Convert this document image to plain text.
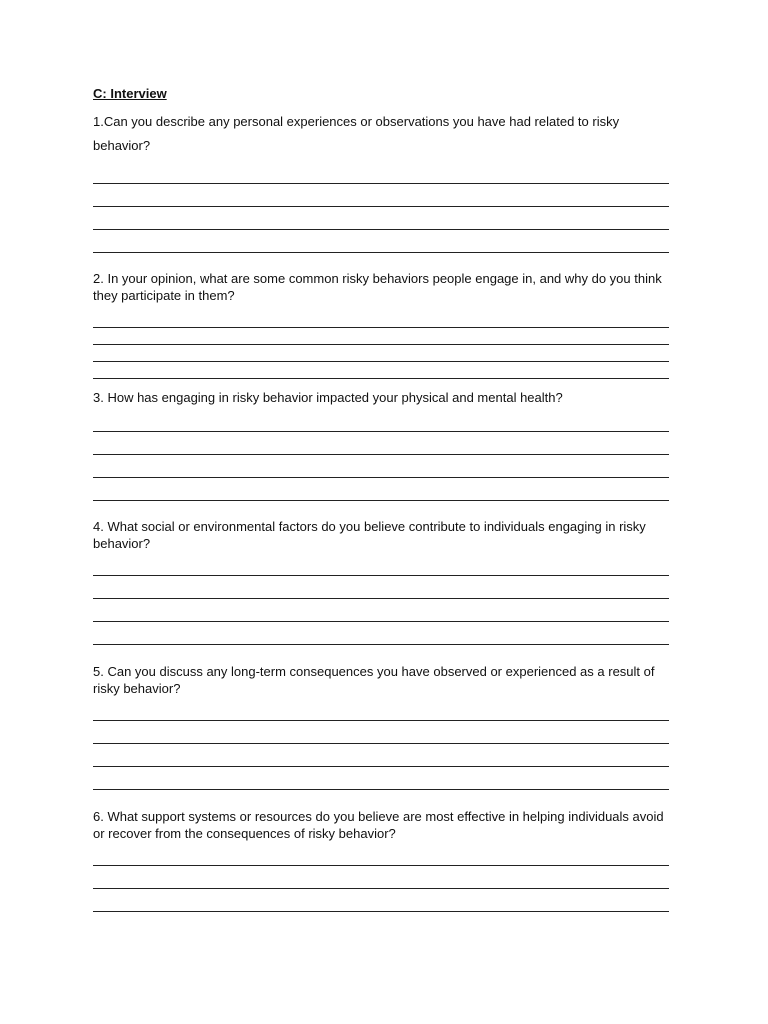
C: Interview
1.Can you describe any personal experiences or observations you have had related to risky behavior?
2. In your opinion, what are some common risky behaviors people engage in, and why do you think they participate in them?
3. How has engaging in risky behavior impacted your physical and mental health?
4. What social or environmental factors do you believe contribute to individuals engaging in risky behavior?
5. Can you discuss any long-term consequences you have observed or experienced as a result of risky behavior?
6. What support systems or resources do you believe are most effective in helping individuals avoid or recover from the consequences of risky behavior?
